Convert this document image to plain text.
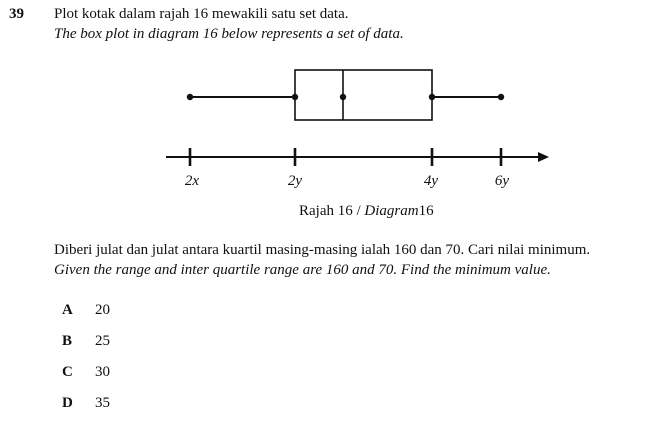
39 Plot kotak dalam rajah 16 mewakili satu set data.
The box plot in diagram 16 below represents a set of data.
2x	2y	4y	6y
Rajah 16 / Diagram16
Diberi julat dan julat antara kuartil masing-masing ialah 160 dan 70. Cari nilai minimum.
Given the range and inter quartile range are 160 and 70. Find the minimum value.
A 20
B 25
C 30
D 35
